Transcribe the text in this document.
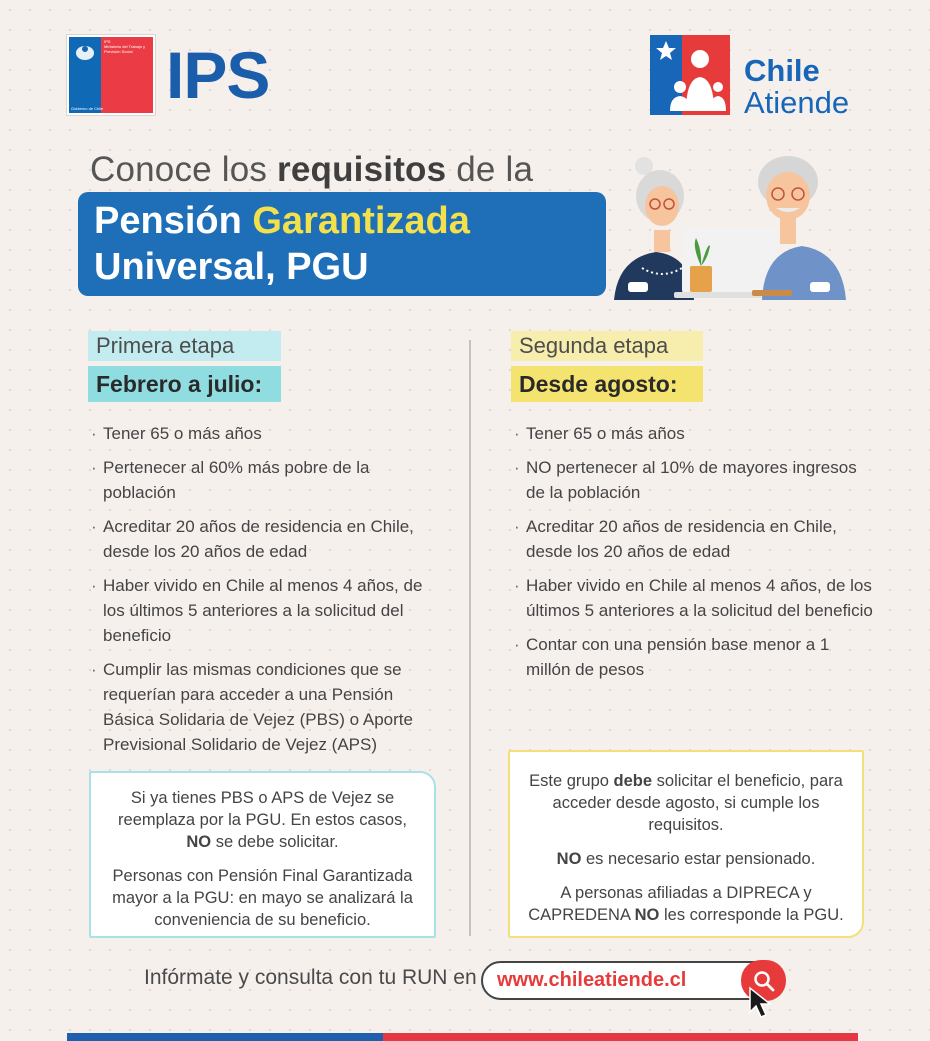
IPS
Ministerio del Trabajo y Previsión Social
Gobierno de Chile IPS	Chile
Atiende
Conoce los requisitos de la
Pensión Garantizada
Universal, PGU
Primera etapa
Febrero a julio:
· Tener 65 o más años
· Pertenecer al 60% más pobre de la población
· Acreditar 20 años de residencia en Chile, desde los 20 años de edad
· Haber vivido en Chile al menos 4 años, de los últimos 5 anteriores a la solicitud del beneficio
· Cumplir las mismas condiciones que se requerían para acceder a una Pensión Básica Solidaria de Vejez (PBS) o Aporte Previsional Solidario de Vejez (APS)

Si ya tienes PBS o APS de Vejez se reemplaza por la PGU. En estos casos, NO se debe solicitar.

Personas con Pensión Final Garantizada mayor a la PGU: en mayo se analizará la conveniencia de su beneficio.

Segunda etapa
Desde agosto:
· Tener 65 o más años
· NO pertenecer al 10% de mayores ingresos de la población
· Acreditar 20 años de residencia en Chile, desde los 20 años de edad
· Haber vivido en Chile al menos 4 años, de los últimos 5 anteriores a la solicitud del beneficio
· Contar con una pensión base menor a 1 millón de pesos

Este grupo debe solicitar el beneficio, para acceder desde agosto, si cumple los requisitos.

NO es necesario estar pensionado.

A personas afiliadas a DIPRECA y CAPREDENA NO les corresponde la PGU.

Infórmate y consulta con tu RUN en www.chileatiende.cl
